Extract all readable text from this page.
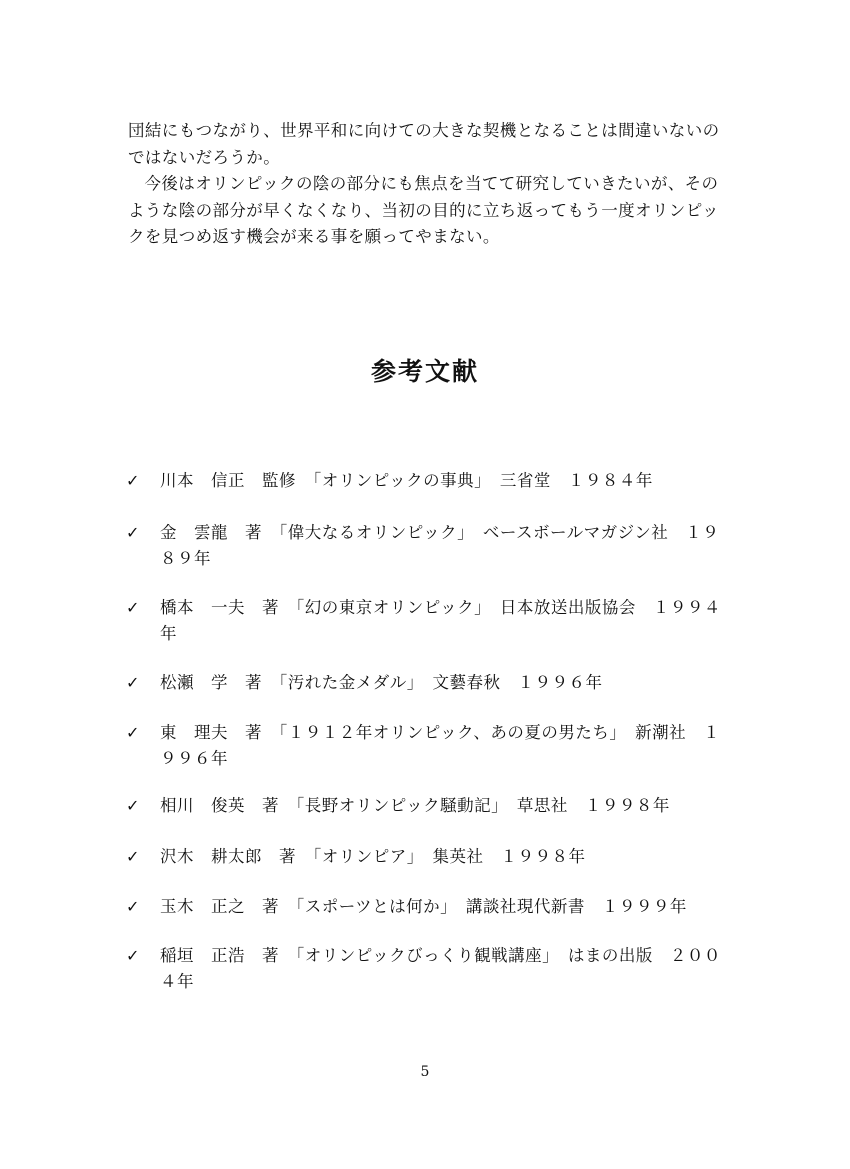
団結にもつながり、世界平和に向けての大きな契機となることは間違いないのではないだろうか。

今後はオリンピックの陰の部分にも焦点を当てて研究していきたいが、そのような陰の部分が早くなくなり、当初の目的に立ち返ってもう一度オリンピックを見つめ返す機会が来る事を願ってやまない。

参考文献
✓	川本　信正　監修　「オリンピックの事典」　三省堂　１９８４年
✓	金　雲龍　著　「偉大なるオリンピック」　ベースボールマガジン社　１９８９年
✓	橋本　一夫　著　「幻の東京オリンピック」　日本放送出版協会　１９９４年
✓	松瀬　学　著　「汚れた金メダル」　文藝春秋　１９９６年
✓	東　理夫　著　「１９１２年オリンピック、あの夏の男たち」　新潮社　１９９６年
✓	相川　俊英　著　「長野オリンピック騒動記」　草思社　１９９８年
✓	沢木　耕太郎　著　「オリンピア」　集英社　１９９８年
✓	玉木　正之　著　「スポーツとは何か」　講談社現代新書　１９９９年
✓	稲垣　正浩　著　「オリンピックびっくり観戦講座」　はまの出版　２００４年
5
